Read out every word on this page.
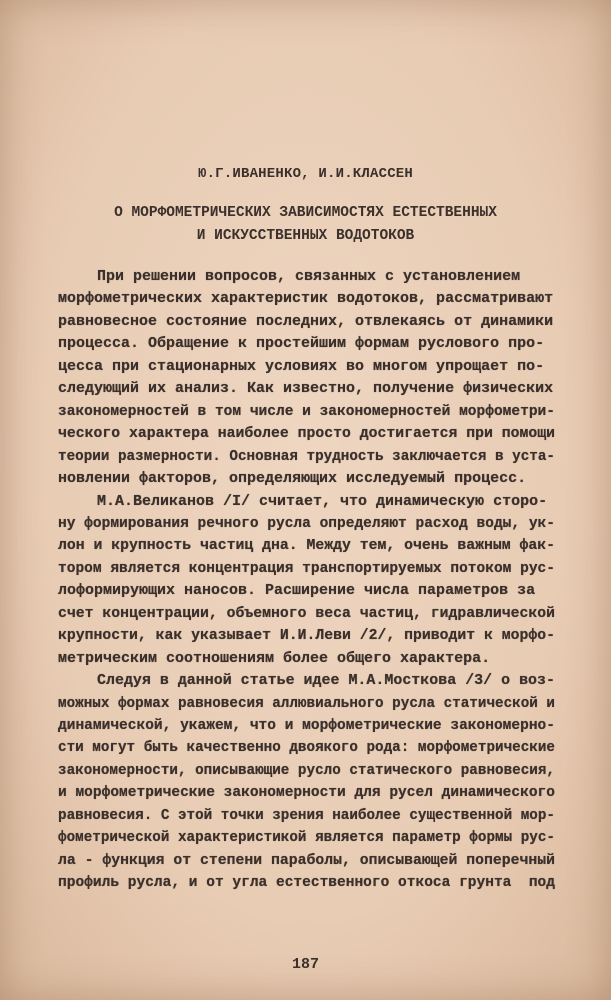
Ю.Г.ИВАНЕНКО, И.И.КЛАССЕН
О МОРФОМЕТРИЧЕСКИХ ЗАВИСИМОСТЯХ ЕСТЕСТВЕННЫХ
И ИСКУССТВЕННЫХ ВОДОТОКОВ
При решении вопросов, связанных с установлением
морфометрических характеристик водотоков, рассматривают
равновесное состояние последних, отвлекаясь от динамики
процесса. Обращение к простейшим формам руслового про-
цесса при стационарных условиях во многом упрощает по-
следующий их анализ. Как известно, получение физических
закономерностей в том числе и закономерностей морфометри-
ческого характера наиболее просто достигается при помощи
теории размерности. Основная трудность заключается в уста-
новлении факторов, определяющих исследуемый процесс.
М.А.Великанов /I/ считает, что динамическую сторо-
ну формирования речного русла определяют расход воды, ук-
лон и крупность частиц дна. Между тем, очень важным фак-
тором является концентрация транспортируемых потоком рус-
лоформирующих наносов. Расширение числа параметров за
счет концентрации, объемного веса частиц, гидравлической
крупности, как указывает И.И.Леви /2/, приводит к морфо-
метрическим соотношениям более общего характера.
Следуя в данной статье идее М.А.Мосткова /3/ о воз-
можных формах равновесия аллювиального русла статической и
динамической, укажем, что и морфометрические закономерно-
сти могут быть качественно двоякого рода: морфометрические
закономерности, описывающие русло статического равновесия,
и морфометрические закономерности для русел динамического
равновесия. С этой точки зрения наиболее существенной мор-
фометрической характеристикой является параметр формы рус-
ла - функция от степени параболы, описывающей поперечный
профиль русла, и от угла естественного откоса грунта  под
187
